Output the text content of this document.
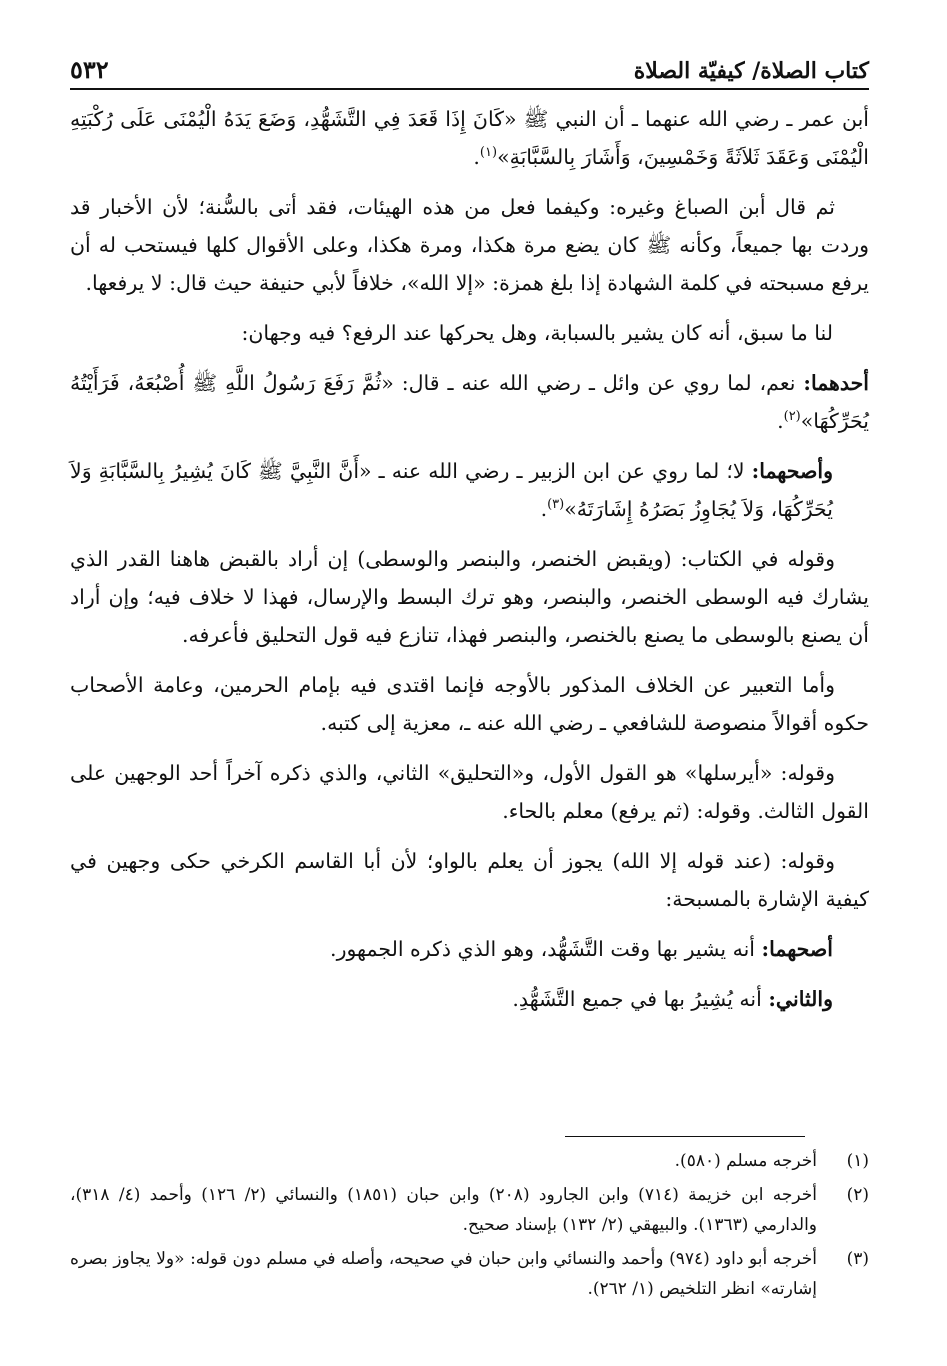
كتاب الصلاة/ كيفيّة الصلاة
٥٣٢

أبن عمر ـ رضي الله عنهما ـ أن النبي ﷺ «كَانَ إِذَا قَعَدَ فِي التَّشَهُّدِ، وَضَعَ يَدَهُ الْيُمْنَى عَلَى رُكْبَتِهِ الْيُمْنَى وَعَقَدَ ثَلاَثَةً وَخَمْسِينَ، وَأَشَارَ بِالسَّبَّابَةِ»$^{(١)}$.

ثم قال أبن الصباغ وغيره: وكيفما فعل من هذه الهيئات، فقد أتى بالسُّنة؛ لأن الأخبار قد وردت بها جميعاً، وكأنه ﷺ كان يضع مرة هكذا، ومرة هكذا، وعلى الأقوال كلها فيستحب له أن يرفع مسبحته في كلمة الشهادة إذا بلغ همزة: «إلا الله»، خلافاً لأبي حنيفة حيث قال: لا يرفعها.

لنا ما سبق، أنه كان يشير بالسبابة، وهل يحركها عند الرفع؟ فيه وجهان:

أحدهما: نعم، لما روي عن وائل ـ رضي الله عنه ـ قال: «ثُمَّ رَفَعَ رَسُولُ اللَّهِ ﷺ أُصْبُعَهُ، فَرَأَيْتُهُ يُحَرِّكُهَا»$^{(٢)}$.

وأصحهما: لا؛ لما روي عن ابن الزبير ـ رضي الله عنه ـ «أَنَّ النَّبِيَّ ﷺ كَانَ يُشِيرُ بِالسَّبَّابَةِ وَلاَ يُحَرِّكُهَا، وَلاَ يُجَاوِزُ بَصَرُهُ إِشَارَتَهُ»$^{(٣)}$.

وقوله في الكتاب: (ويقبض الخنصر، والبنصر والوسطى) إن أراد بالقبض هاهنا القدر الذي يشارك فيه الوسطى الخنصر، والبنصر، وهو ترك البسط والإرسال، فهذا لا خلاف فيه؛ وإن أراد أن يصنع بالوسطى ما يصنع بالخنصر، والبنصر فهذا، تنازع فيه قول التحليق فأعرفه.

وأما التعبير عن الخلاف المذكور بالأوجه فإنما اقتدى فيه بإمام الحرمين، وعامة الأصحاب حكوه أقوالاً منصوصة للشافعي ـ رضي الله عنه ـ، معزية إلى كتبه.

وقوله: «أيرسلها» هو القول الأول، و«التحليق» الثاني، والذي ذكره آخراً أحد الوجهين على القول الثالث. وقوله: (ثم يرفع) معلم بالحاء.

وقوله: (عند قوله إلا الله) يجوز أن يعلم بالواو؛ لأن أبا القاسم الكرخي حكى وجهين في كيفية الإشارة بالمسبحة:

أصحهما: أنه يشير بها وقت التَّشَهُّد، وهو الذي ذكره الجمهور.

والثاني: أنه يُشِيرُ بها في جميع التَّشَهُّدِ.

(١)
أخرجه مسلم (٥٨٠).
(٢)
أخرجه ابن خزيمة (٧١٤) وابن الجارود (٢٠٨) وابن حبان (١٨٥١) والنسائي (٢/ ١٢٦) وأحمد (٤/ ٣١٨)، والدارمي (١٣٦٣). والبيهقي (٢/ ١٣٢) بإسناد صحيح.
(٣)
أخرجه أبو داود (٩٧٤) وأحمد والنسائي وابن حبان في صحيحه، وأصله في مسلم دون قوله: «ولا يجاوز بصره إشارته» انظر التلخيص (١/ ٢٦٢).
